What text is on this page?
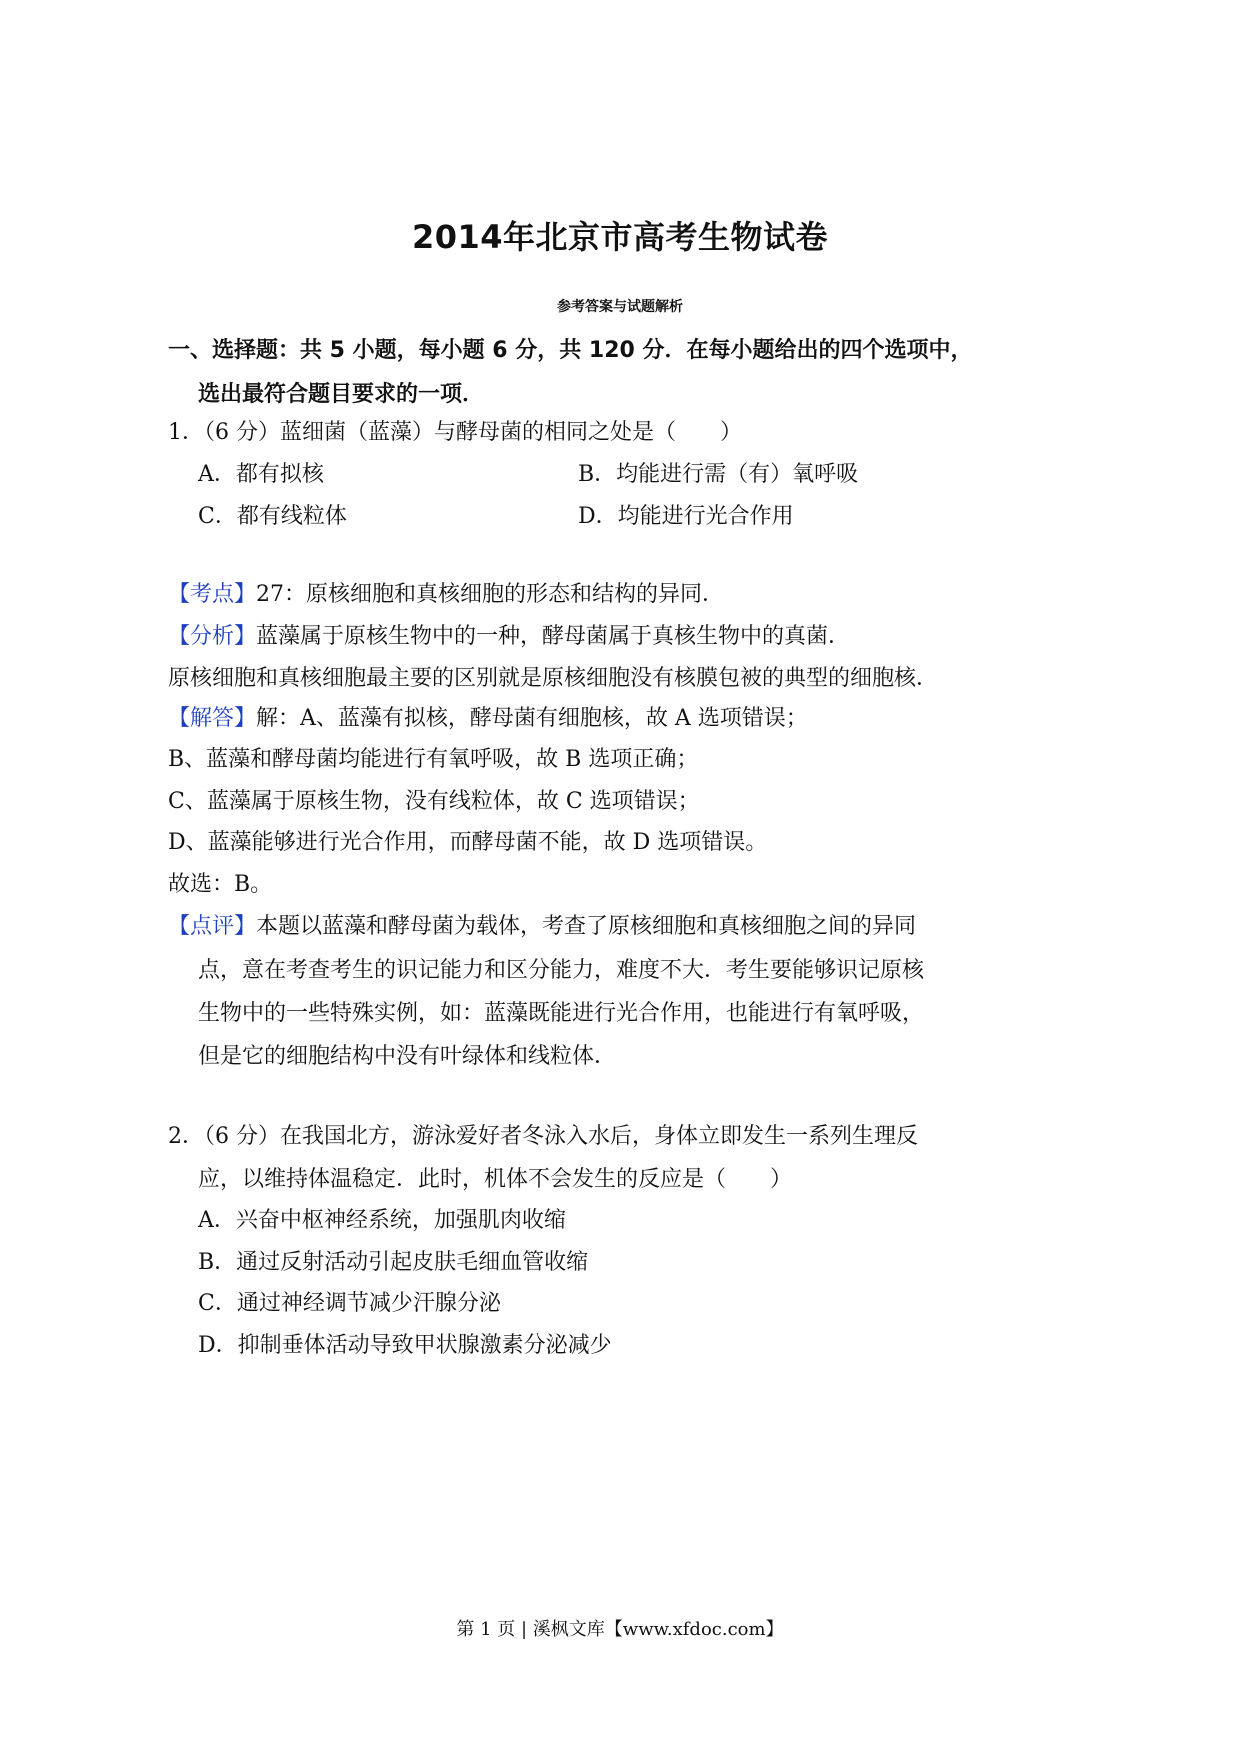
2014年北京市高考生物试卷
参考答案与试题解析
一、选择题：共 5 小题，每小题 6 分，共 120 分．在每小题给出的四个选项中，
选出最符合题目要求的一项．
1．（6 分）蓝细菌（蓝藻）与酵母菌的相同之处是（　　）
A．都有拟核	B．均能进行需（有）氧呼吸
C．都有线粒体	D．均能进行光合作用
【考点】27：原核细胞和真核细胞的形态和结构的异同．
【分析】蓝藻属于原核生物中的一种，酵母菌属于真核生物中的真菌．
原核细胞和真核细胞最主要的区别就是原核细胞没有核膜包被的典型的细胞核．
【解答】解：A、蓝藻有拟核，酵母菌有细胞核，故 A 选项错误；
B、蓝藻和酵母菌均能进行有氧呼吸，故 B 选项正确；
C、蓝藻属于原核生物，没有线粒体，故 C 选项错误；
D、蓝藻能够进行光合作用，而酵母菌不能，故 D 选项错误。
故选：B。
【点评】本题以蓝藻和酵母菌为载体，考查了原核细胞和真核细胞之间的异同
点，意在考查考生的识记能力和区分能力，难度不大．考生要能够识记原核
生物中的一些特殊实例，如：蓝藻既能进行光合作用，也能进行有氧呼吸，
但是它的细胞结构中没有叶绿体和线粒体．
2．（6 分）在我国北方，游泳爱好者冬泳入水后，身体立即发生一系列生理反
应，以维持体温稳定．此时，机体不会发生的反应是（　　）
A．兴奋中枢神经系统，加强肌肉收缩
B．通过反射活动引起皮肤毛细血管收缩
C．通过神经调节减少汗腺分泌
D．抑制垂体活动导致甲状腺激素分泌减少
第 1 页 | 溪枫文库【www.xfdoc.com】
